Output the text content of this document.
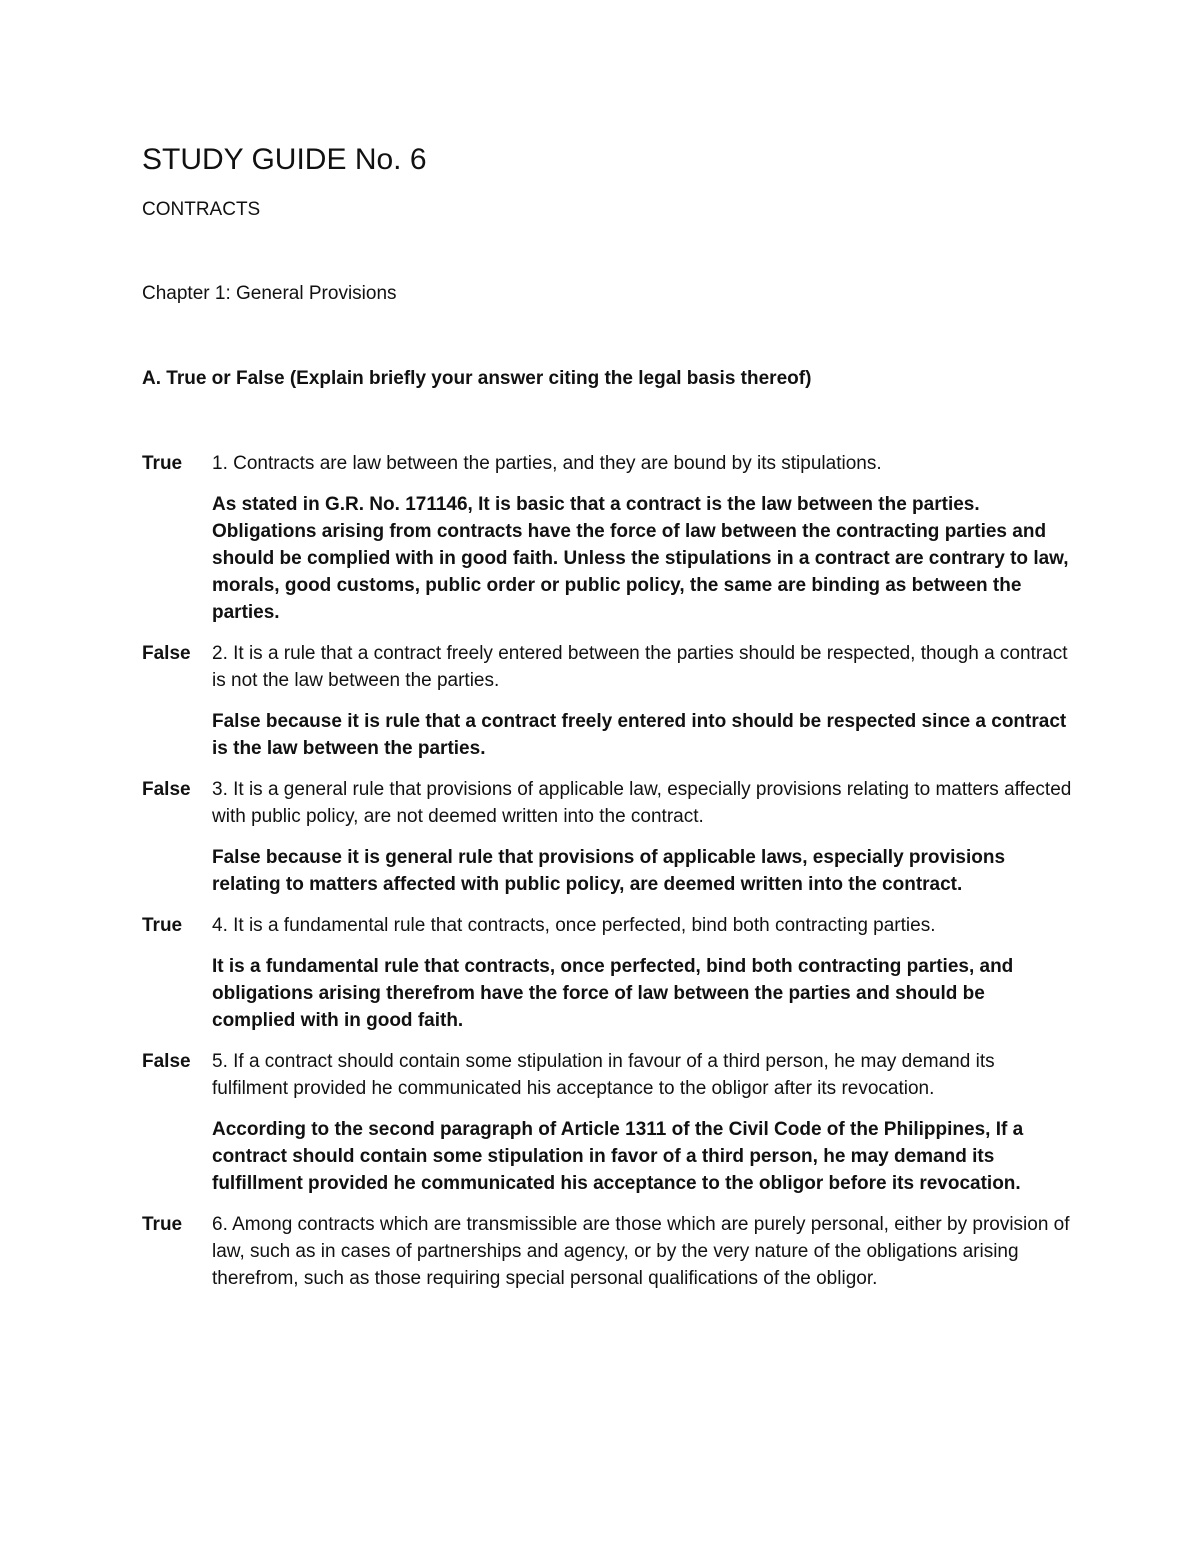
STUDY GUIDE No. 6

CONTRACTS

Chapter 1: General Provisions

A. True or False (Explain briefly your answer citing the legal basis thereof)

True	1. Contracts are law between the parties, and they are bound by its stipulations.

As stated in G.R. No. 171146, It is basic that a contract is the law between the parties. Obligations arising from contracts have the force of law between the contracting parties and should be complied with in good faith. Unless the stipulations in a contract are contrary to law, morals, good customs, public order or public policy, the same are binding as between the parties.

False	2. It is a rule that a contract freely entered between the parties should be respected, though a contract is not the law between the parties.

False because it is rule that a contract freely entered into should be respected since a contract is the law between the parties.

False	3. It is a general rule that provisions of applicable law, especially provisions relating to matters affected with public policy, are not deemed written into the contract.

False because it is general rule that provisions of applicable laws, especially provisions relating to matters affected with public policy, are deemed written into the contract.

True	4. It is a fundamental rule that contracts, once perfected, bind both contracting parties.

It is a fundamental rule that contracts, once perfected, bind both contracting parties, and obligations arising therefrom have the force of law between the parties and should be complied with in good faith.

False	5. If a contract should contain some stipulation in favour of a third person, he may demand its fulfilment provided he communicated his acceptance to the obligor after its revocation.

According to the second paragraph of Article 1311 of the Civil Code of the Philippines, If a contract should contain some stipulation in favor of a third person, he may demand its fulfillment provided he communicated his acceptance to the obligor before its revocation.

True	6. Among contracts which are transmissible are those which are purely personal, either by provision of law, such as in cases of partnerships and agency, or by the very nature of the obligations arising therefrom, such as those requiring special personal qualifications of the obligor.
